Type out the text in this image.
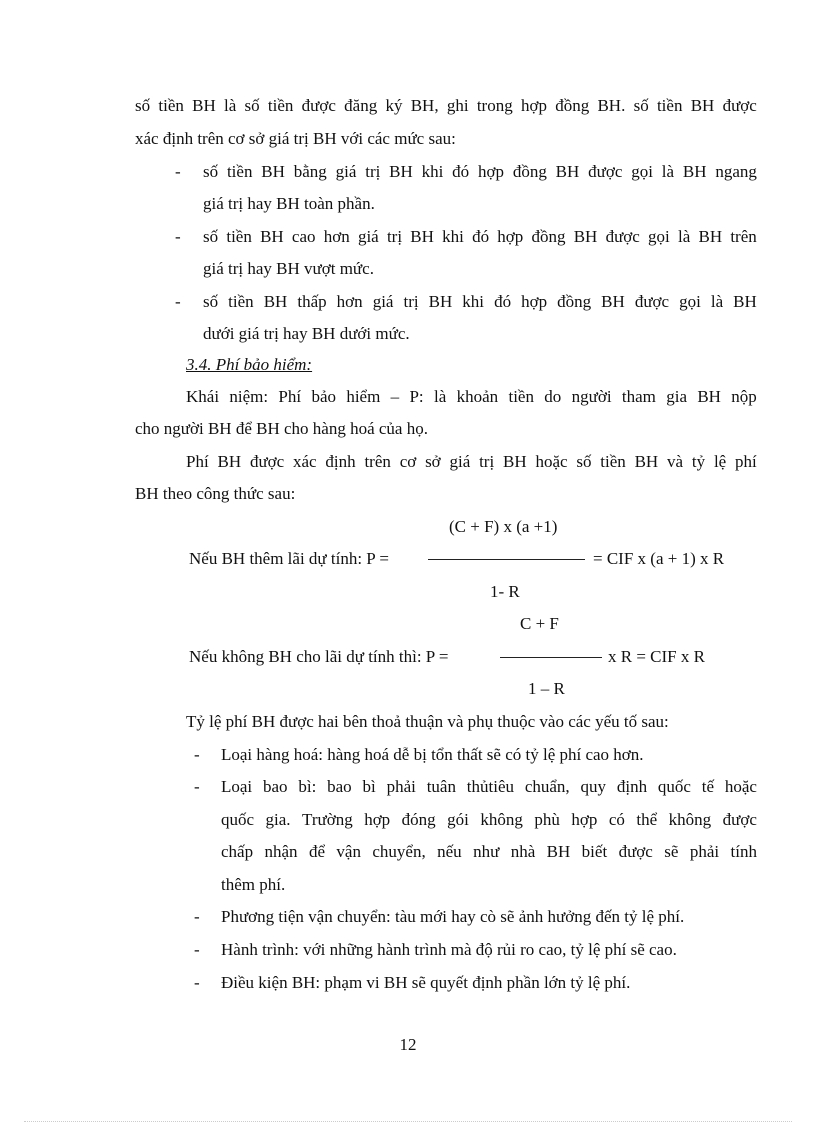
số tiền BH là số tiền được đăng ký BH, ghi trong hợp đồng BH. số tiền BH được
xác định trên cơ sở giá trị BH với các mức sau:
- số tiền BH bằng giá trị BH khi đó hợp đồng BH được gọi là BH ngang
giá trị hay BH toàn phần.
- số tiền BH cao hơn giá trị BH khi đó hợp đồng BH được gọi là BH trên
giá trị hay BH vượt mức.
- số tiền BH thấp hơn giá trị BH khi đó hợp đồng BH được gọi là BH
dưới giá trị hay BH dưới mức.
3.4. Phí bảo hiểm:
Khái niệm: Phí bảo hiểm – P: là khoản tiền do người tham gia BH nộp
cho người BH để BH cho hàng hoá của họ.
Phí BH được xác định trên cơ sở giá trị BH hoặc số tiền BH và tỷ lệ phí
BH theo công thức sau:
(C + F) x (a +1)
Nếu BH thêm lãi dự tính: P =	= CIF x (a + 1) x R
1- R
C + F
Nếu không BH cho lãi dự tính thì: P =	x R = CIF x R
1 – R
Tỷ lệ phí BH được hai bên thoả thuận và phụ thuộc vào các yếu tố sau:
- Loại hàng hoá: hàng hoá dễ bị tổn thất sẽ có tỷ lệ phí cao hơn.
- Loại bao bì: bao bì phải tuân thủtiêu chuẩn, quy định quốc tế hoặc
quốc gia. Trường hợp đóng gói không phù hợp có thể không được
chấp nhận để vận chuyển, nếu như nhà BH biết được sẽ phải tính
thêm phí.
- Phương tiện vận chuyển: tàu mới hay cò sẽ ảnh hưởng đến tỷ lệ phí.
- Hành trình: với những hành trình mà độ rủi ro cao, tỷ lệ phí sẽ cao.
- Điều kiện BH: phạm vi BH sẽ quyết định phần lớn tỷ lệ phí.
12
